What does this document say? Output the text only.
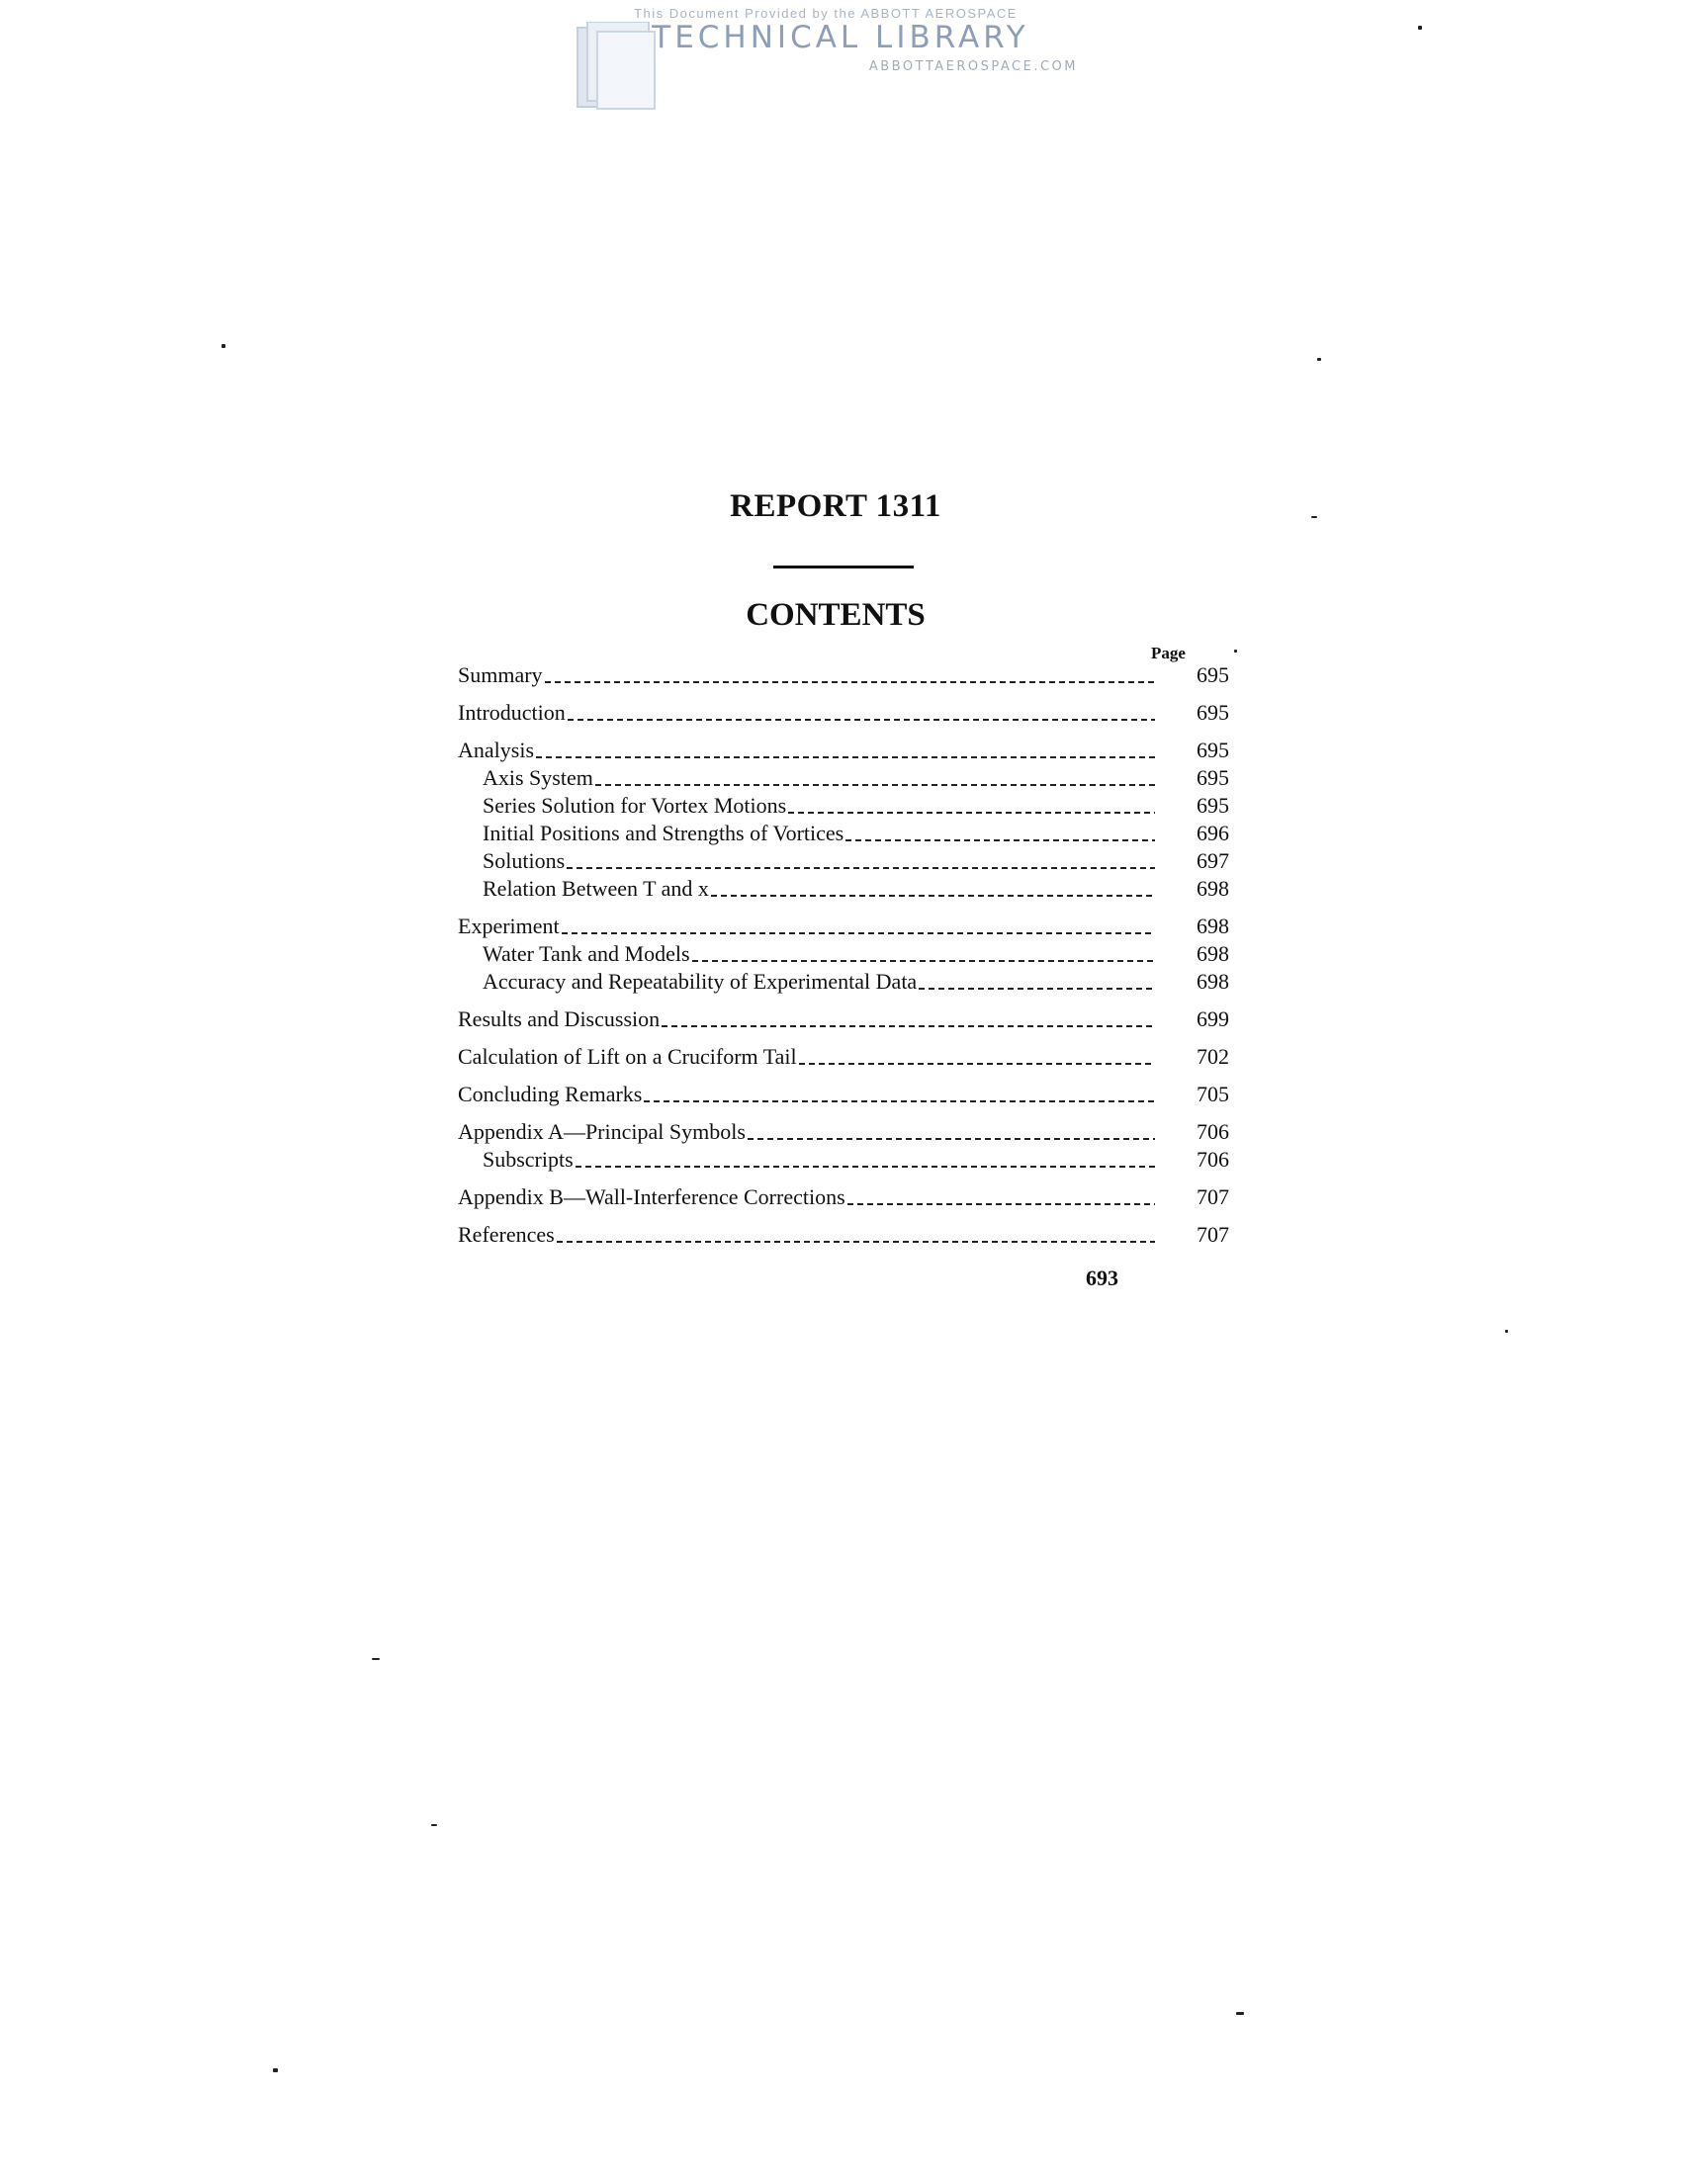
This Document Provided by the ABBOTT AEROSPACE
TECHNICAL LIBRARY
ABBOTTAEROSPACE.COM
REPORT 1311
CONTENTS
Page
Summary	695
Introduction	695
Analysis	695
Axis System	695
Series Solution for Vortex Motions	695
Initial Positions and Strengths of Vortices	696
Solutions	697
Relation Between T and x	698
Experiment	698
Water Tank and Models	698
Accuracy and Repeatability of Experimental Data	698
Results and Discussion	699
Calculation of Lift on a Cruciform Tail	702
Concluding Remarks	705
Appendix A—Principal Symbols	706
Subscripts	706
Appendix B—Wall-Interference Corrections	707
References	707
693
